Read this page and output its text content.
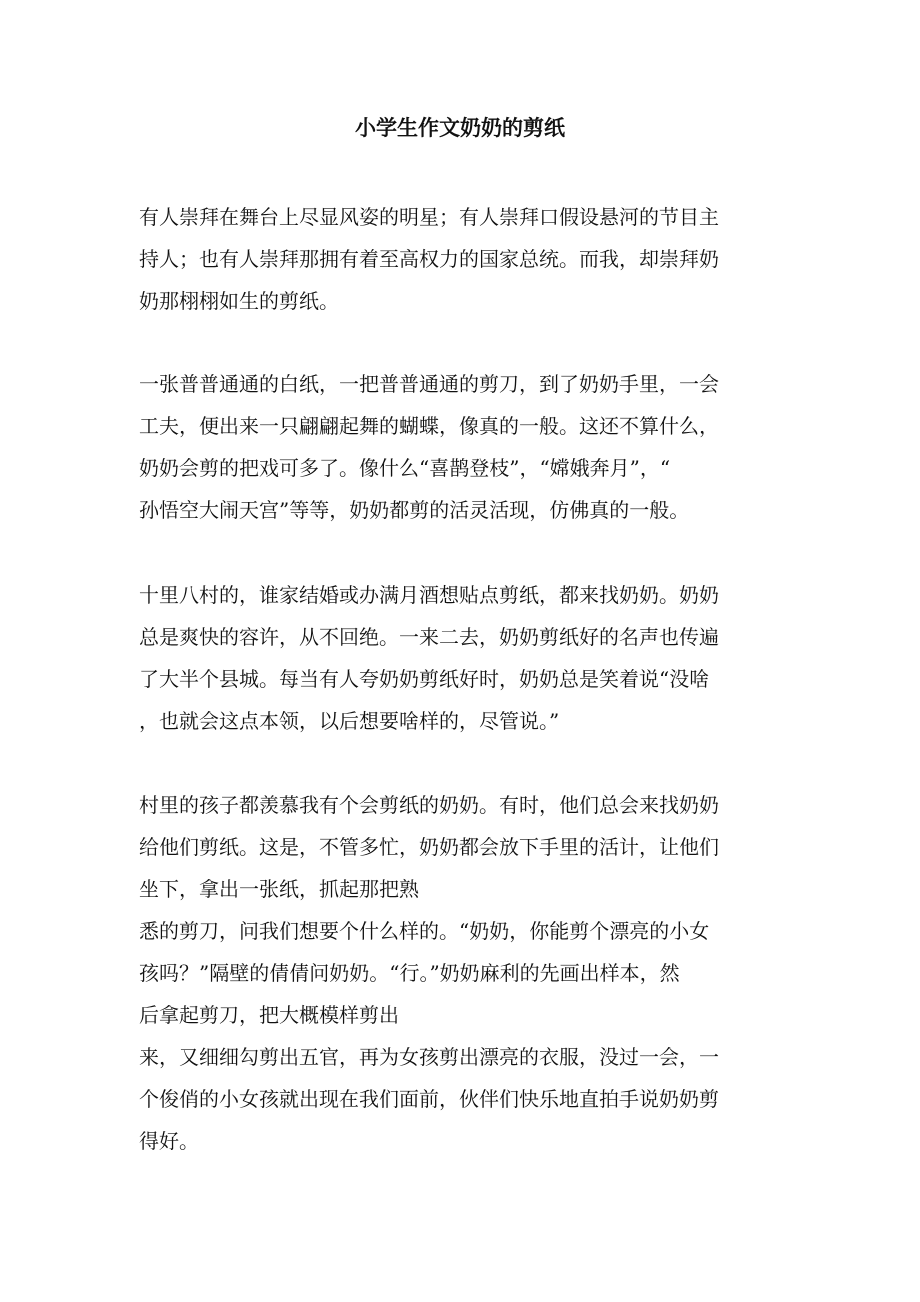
小学生作文奶奶的剪纸
有人崇拜在舞台上尽显风姿的明星；有人崇拜口假设悬河的节目主
持人；也有人崇拜那拥有着至高权力的国家总统。而我，却崇拜奶
奶那栩栩如生的剪纸。
一张普普通通的白纸，一把普普通通的剪刀，到了奶奶手里，一会
工夫，便出来一只翩翩起舞的蝴蝶，像真的一般。这还不算什么，
奶奶会剪的把戏可多了。像什么“喜鹊登枝”，“嫦娥奔月”，“
孙悟空大闹天宫”等等，奶奶都剪的活灵活现，仿佛真的一般。
十里八村的，谁家结婚或办满月酒想贴点剪纸，都来找奶奶。奶奶
总是爽快的容许，从不回绝。一来二去，奶奶剪纸好的名声也传遍
了大半个县城。每当有人夸奶奶剪纸好时，奶奶总是笑着说“没啥
，也就会这点本领，以后想要啥样的，尽管说。”
村里的孩子都羡慕我有个会剪纸的奶奶。有时，他们总会来找奶奶
给他们剪纸。这是，不管多忙，奶奶都会放下手里的活计，让他们
坐下，拿出一张纸，抓起那把熟
悉的剪刀，问我们想要个什么样的。“奶奶，你能剪个漂亮的小女
孩吗？”隔壁的倩倩问奶奶。“行。”奶奶麻利的先画出样本，然
后拿起剪刀，把大概模样剪出
来，又细细勾剪出五官，再为女孩剪出漂亮的衣服，没过一会，一
个俊俏的小女孩就出现在我们面前，伙伴们快乐地直拍手说奶奶剪
得好。
